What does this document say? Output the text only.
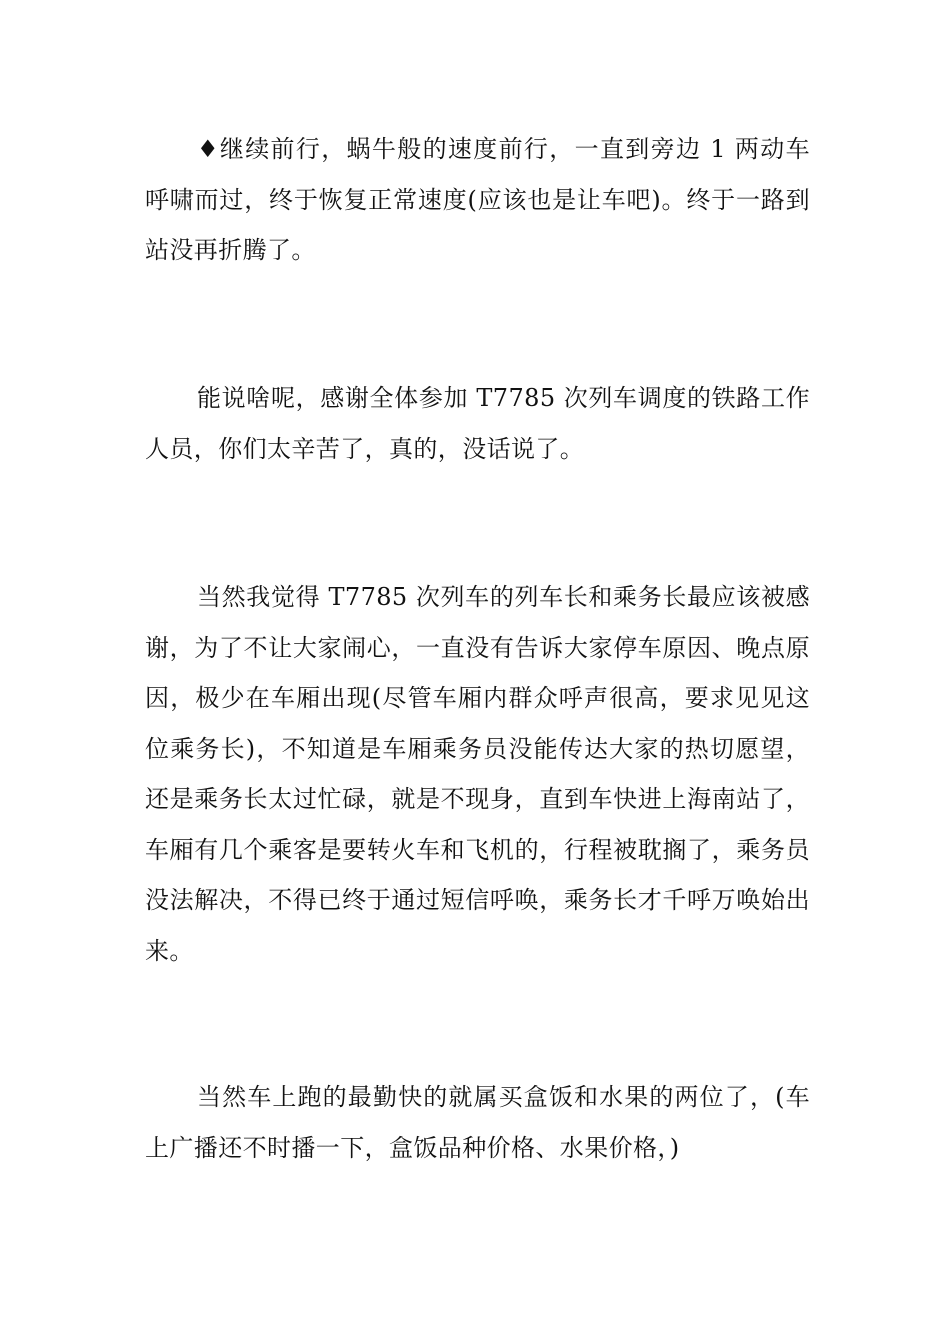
♦继续前行，蜗牛般的速度前行，一直到旁边 1 两动车呼啸而过，终于恢复正常速度(应该也是让车吧)。终于一路到站没再折腾了。

能说啥呢，感谢全体参加 T7785 次列车调度的铁路工作人员，你们太辛苦了，真的，没话说了。

当然我觉得 T7785 次列车的列车长和乘务长最应该被感谢，为了不让大家闹心，一直没有告诉大家停车原因、晚点原因，极少在车厢出现(尽管车厢内群众呼声很高，要求见见这位乘务长)，不知道是车厢乘务员没能传达大家的热切愿望，还是乘务长太过忙碌，就是不现身，直到车快进上海南站了，车厢有几个乘客是要转火车和飞机的，行程被耽搁了，乘务员没法解决，不得已终于通过短信呼唤，乘务长才千呼万唤始出来。

当然车上跑的最勤快的就属买盒饭和水果的两位了，(车上广播还不时播一下，盒饭品种价格、水果价格，)
